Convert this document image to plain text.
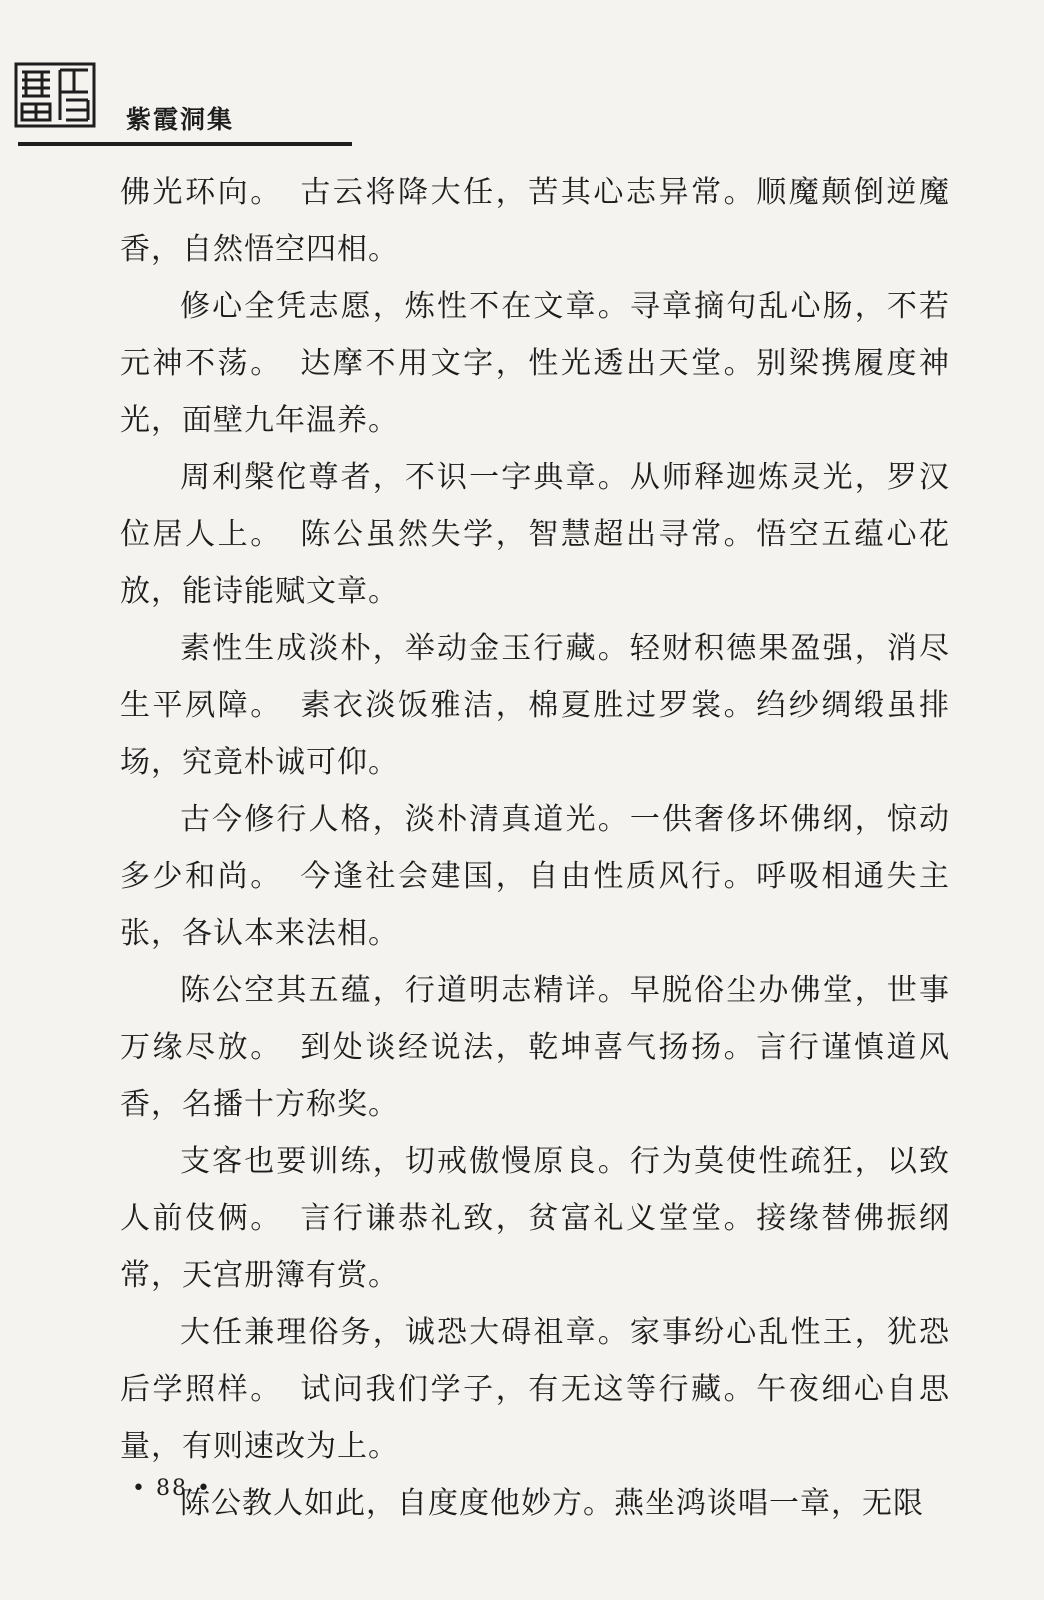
紫霞洞集

佛光环向。　古云将降大任，苦其心志异常。顺魔颠倒逆魔香，自然悟空四相。

修心全凭志愿，炼性不在文章。寻章摘句乱心肠，不若元神不荡。　达摩不用文字，性光透出天堂。别梁携履度神光，面壁九年温养。

周利槃佗尊者，不识一字典章。从师释迦炼灵光，罗汉位居人上。　陈公虽然失学，智慧超出寻常。悟空五蕴心花放，能诗能赋文章。

素性生成淡朴，举动金玉行藏。轻财积德果盈强，消尽生平夙障。　素衣淡饭雅洁，棉夏胜过罗裳。绉纱绸缎虽排场，究竟朴诚可仰。

古今修行人格，淡朴清真道光。一供奢侈坏佛纲，惊动多少和尚。　今逢社会建国，自由性质风行。呼吸相通失主张，各认本来法相。

陈公空其五蕴，行道明志精详。早脱俗尘办佛堂，世事万缘尽放。　到处谈经说法，乾坤喜气扬扬。言行谨慎道风香，名播十方称奖。

支客也要训练，切戒傲慢原良。行为莫使性疏狂，以致人前伎俩。　言行谦恭礼致，贫富礼义堂堂。接缘替佛振纲常，天宫册簿有赏。

大任兼理俗务，诚恐大碍祖章。家事纷心乱性王，犹恐后学照样。　试问我们学子，有无这等行藏。午夜细心自思量，有则速改为上。

陈公教人如此，自度度他妙方。燕坐鸿谈唱一章，无限

• 88 •
